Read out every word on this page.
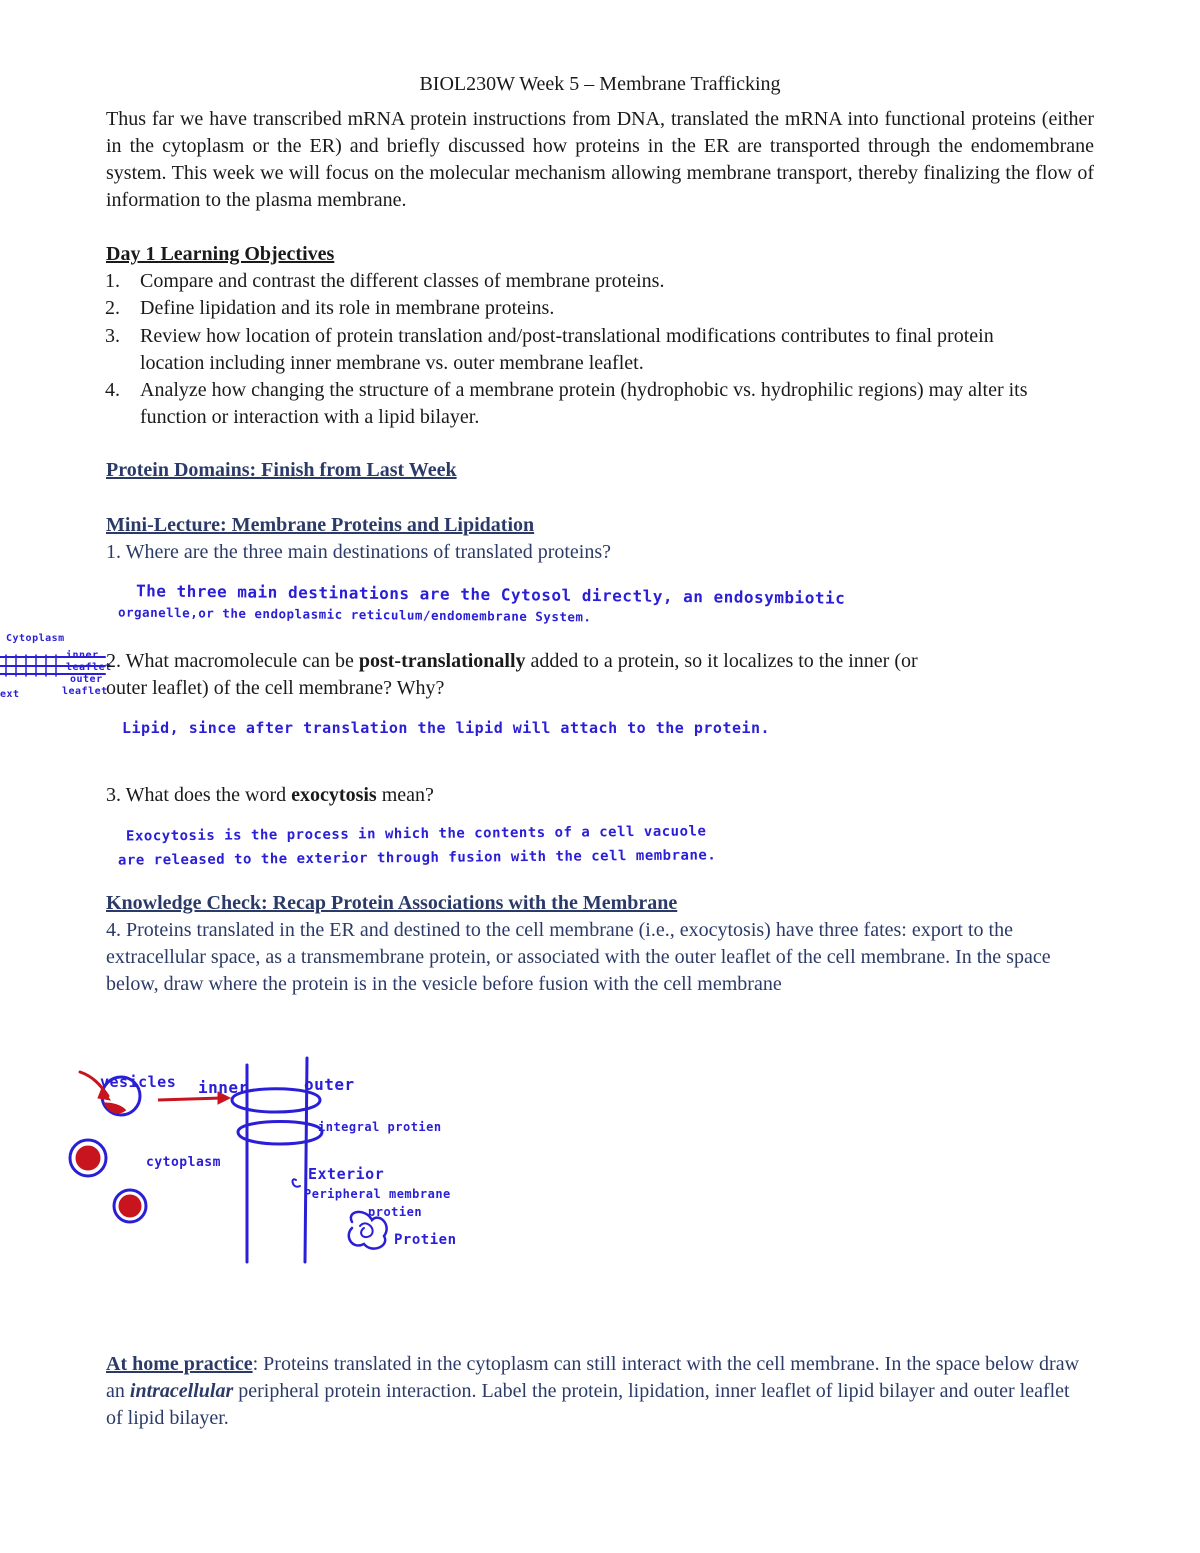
BIOL230W Week 5 – Membrane Trafficking

Thus far we have transcribed mRNA protein instructions from DNA, translated the mRNA into functional proteins (either in the cytoplasm or the ER) and briefly discussed how proteins in the ER are transported through the endomembrane system. This week we will focus on the molecular mechanism allowing membrane transport, thereby finalizing the flow of information to the plasma membrane.

Day 1 Learning Objectives

1. Compare and contrast the different classes of membrane proteins.
2. Define lipidation and its role in membrane proteins.
3. Review how location of protein translation and/post-translational modifications contributes to final protein location including inner membrane vs. outer membrane leaflet.
4. Analyze how changing the structure of a membrane protein (hydrophobic vs. hydrophilic regions) may alter its function or interaction with a lipid bilayer.

Protein Domains: Finish from Last Week

Mini-Lecture: Membrane Proteins and Lipidation

1. Where are the three main destinations of translated proteins?

The three main destinations are the Cytosol directly, an endosymbiotic

organelle,or the endoplasmic reticulum/endomembrane System.

Cytoplasm

inner

leaflet

outer

leaflet

ext

2. What macromolecule can be post-translationally added to a protein, so it localizes to the inner (or

outer leaflet) of the cell membrane? Why?

Lipid, since after translation the lipid will attach to the protein.

3. What does the word exocytosis mean?

Exocytosis is the process in which the contents of a cell vacuole

are released to the exterior through fusion with the cell membrane.

Knowledge Check: Recap Protein Associations with the Membrane

4. Proteins translated in the ER and destined to the cell membrane (i.e., exocytosis) have three fates: export to the extracellular space, as a transmembrane protein, or associated with the outer leaflet of the cell membrane. In the space below, draw where the protein is in the vesicle before fusion with the cell membrane

vesicles inner	outer

integral protien

cytoplasm

Exterior

Peripheral membrane

protien

Protien

At home practice: Proteins translated in the cytoplasm can still interact with the cell membrane. In the space below draw an intracellular peripheral protein interaction. Label the protein, lipidation, inner leaflet of lipid bilayer and outer leaflet of lipid bilayer.
